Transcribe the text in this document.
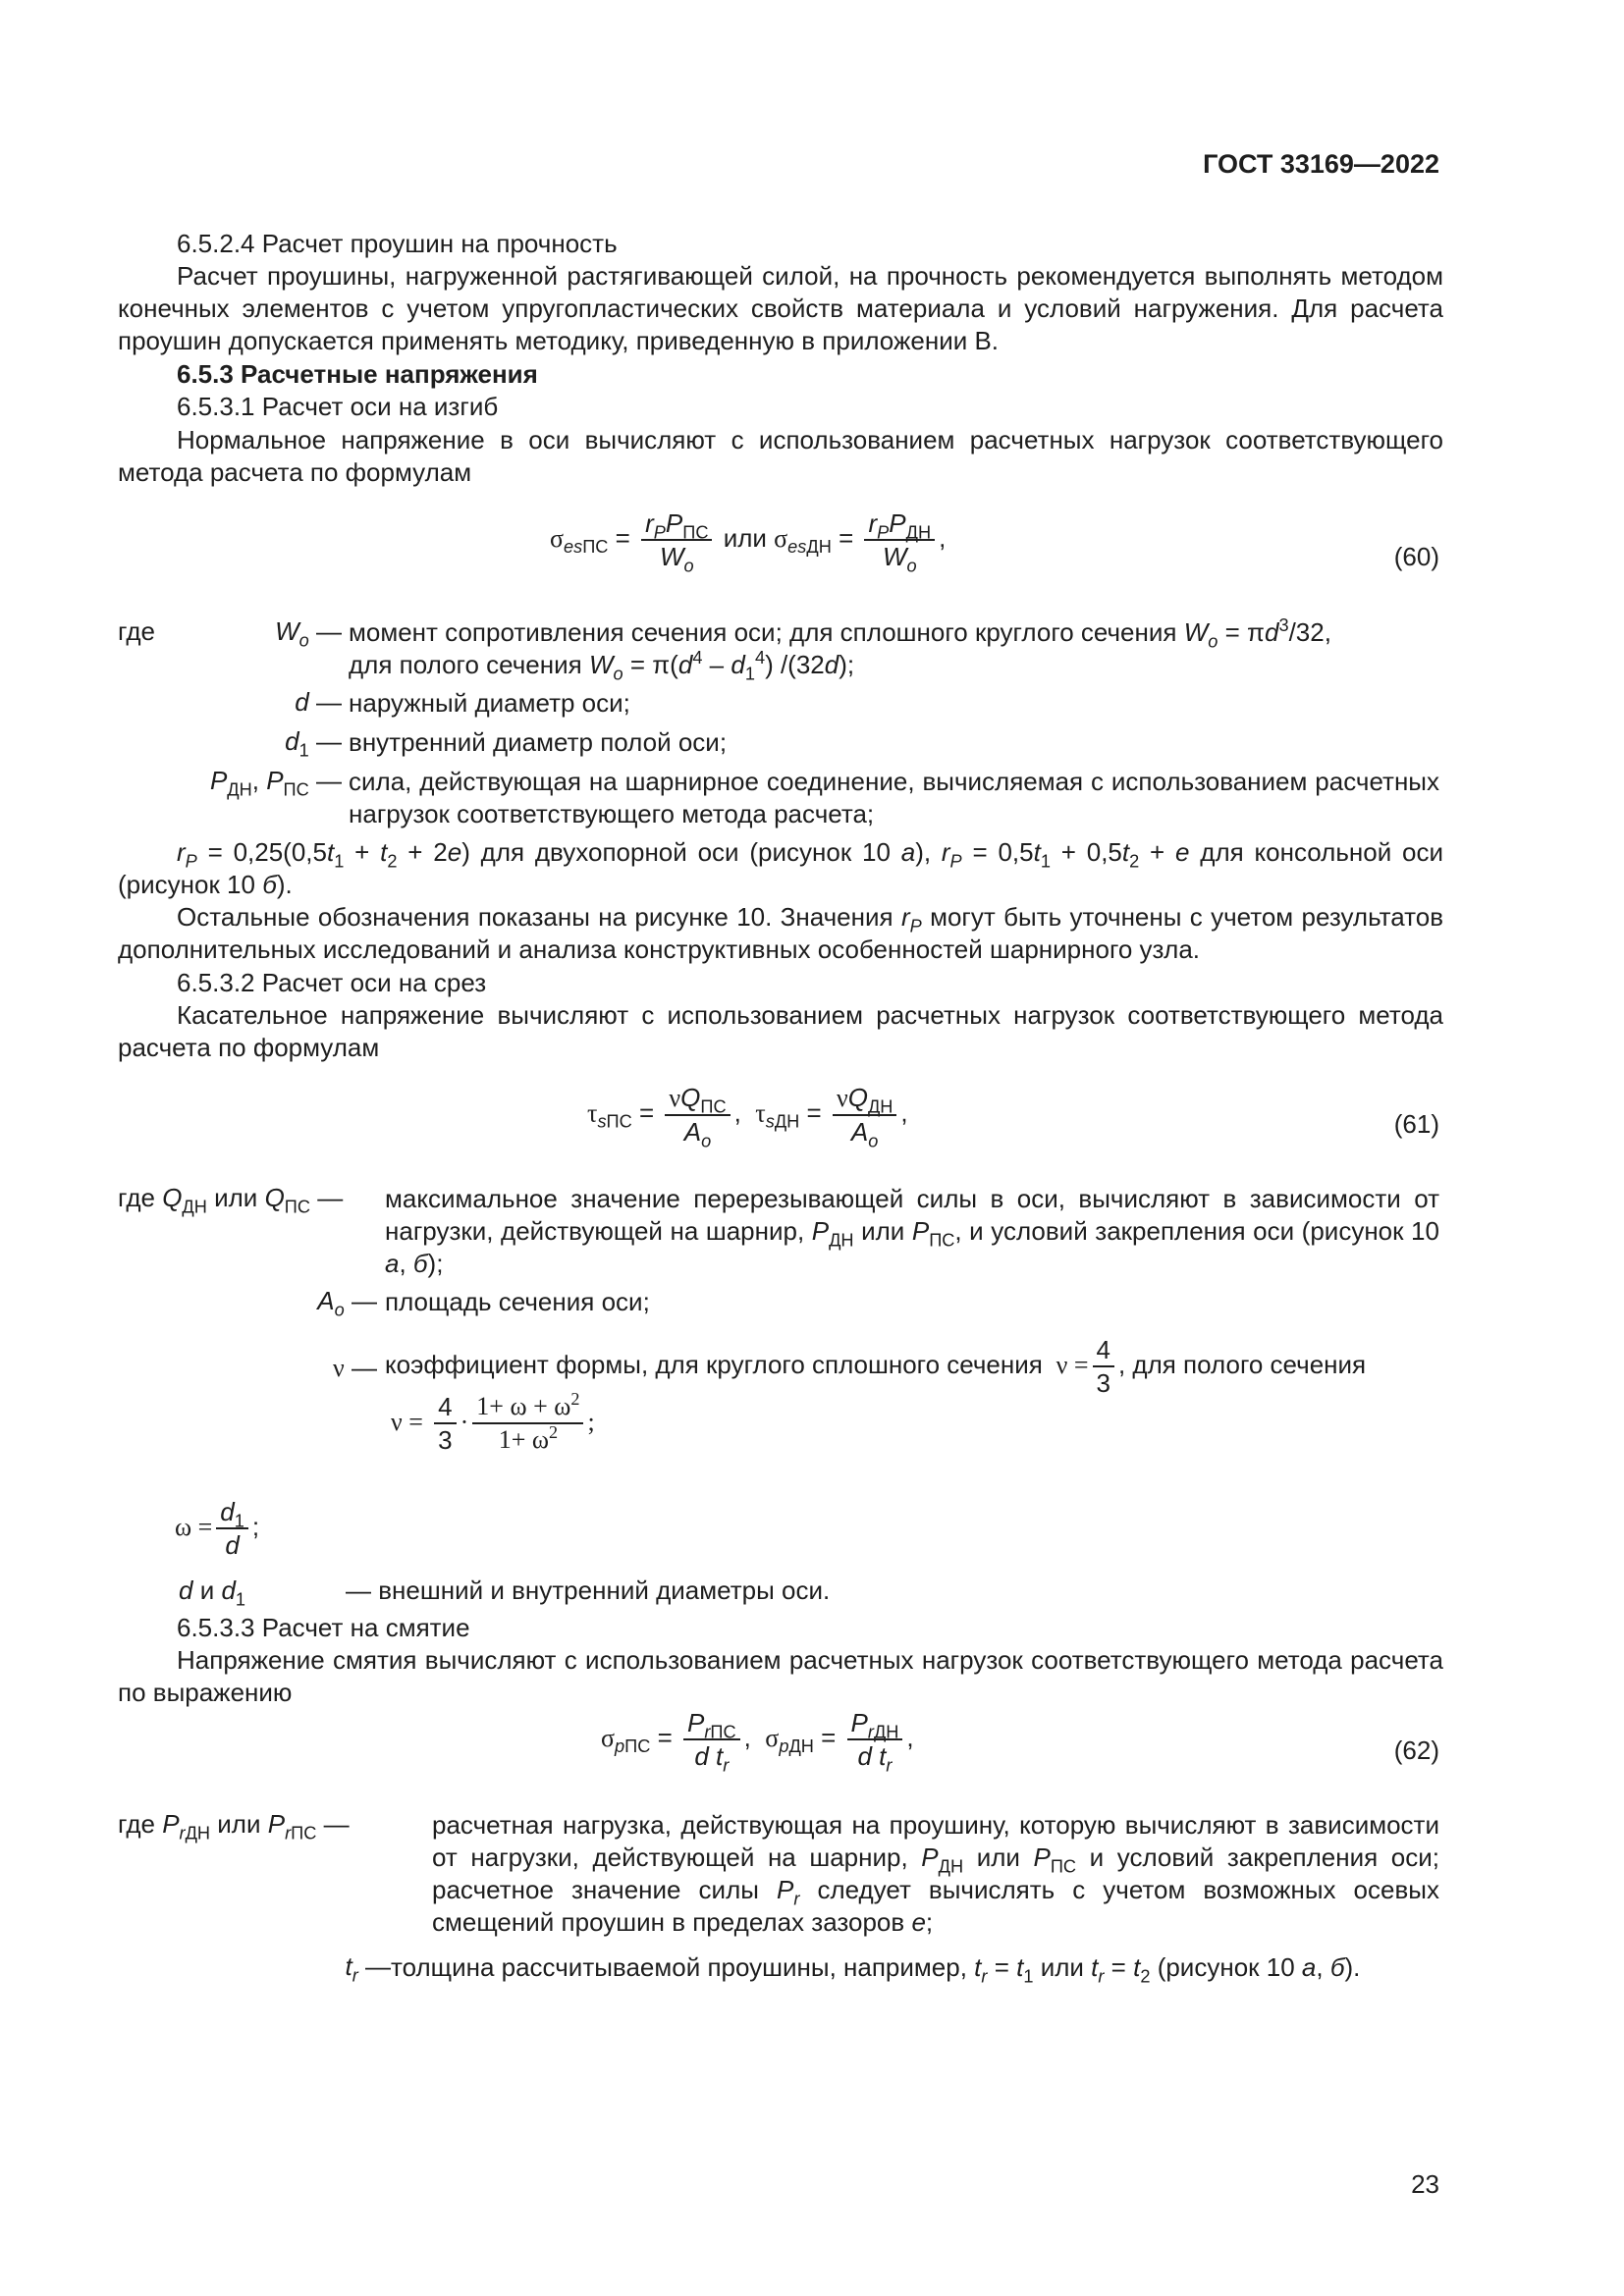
ГОСТ 33169—2022
6.5.2.4 Расчет проушин на прочность
Расчет проушины, нагруженной растягивающей силой, на прочность рекомендуется выполнять методом конечных элементов с учетом упругопластических свойств материала и условий нагружения. Для расчета проушин допускается применять методику, приведенную в приложении В.
6.5.3 Расчетные напряжения
6.5.3.1 Расчет оси на изгиб
Нормальное напряжение в оси вычисляют с использованием расчетных нагрузок соответствующего метода расчета по формулам
$\sigma_{esПС} = \frac{r_PP_{ПС}}{W_o}$ или $\sigma_{esДН} = \frac{r_PP_{ДН}}{W_o}$ ,
(60)
где	$W_o$ — момент сопротивления сечения оси; для сплошного круглого сечения $W_o = \pi d^3/32$,
для полого сечения $W_o = \pi(d^4 - d_1^4)$ /(32d);
d — наружный диаметр оси;
$d_1$ — внутренний диаметр полой оси;
$P_{ДН}$, $P_{ПС}$ — сила, действующая на шарнирное соединение, вычисляемая с использованием расчетных нагрузок соответствующего метода расчета;
$r_P = 0,25(0,5t_1 + t_2 + 2e)$ для двухопорной оси (рисунок 10 а), $r_P = 0,5t_1 + 0,5t_2 + e$ для консольной оси (рисунок 10 б).
Остальные обозначения показаны на рисунке 10. Значения $r_P$ могут быть уточнены с учетом результатов дополнительных исследований и анализа конструктивных особенностей шарнирного узла.
6.5.3.2 Расчет оси на срез
Касательное напряжение вычисляют с использованием расчетных нагрузок соответствующего метода расчета по формулам
$\tau_{sПС} = \frac{\nu Q_{ПС}}{A_o}$ ,  $\tau_{sДН} = \frac{\nu Q_{ДН}}{A_o}$ ,	(61)
где $Q_{ДН}$ или $Q_{ПС}$ — максимальное значение перерезывающей силы в оси, вычисляют в зависимости от нагрузки, действующей на шарнир, $P_{ДН}$ или $P_{ПС}$, и условий закрепления оси (рисунок 10 а, б);
$A_o$ — площадь сечения оси;
ν — коэффициент формы, для круглого сплошного сечения  $\nu = \frac{4}{3}$ , для полого сечения
$\nu = \frac{4}{3} \cdot \frac{1+ \omega + \omega^2}{1+ \omega^2}$ ;
$\omega = \frac{d_1}{d}$ ;
d и $d_1$	— внешний и внутренний диаметры оси.
6.5.3.3 Расчет на смятие
Напряжение смятия вычисляют с использованием расчетных нагрузок соответствующего метода расчета по выражению
$\sigma_{pПС} = \frac{P_{rПС}}{d t_r}$ ,  $\sigma_{pДН} = \frac{P_{rДН}}{d t_r}$ ,	(62)
где $P_{rДН}$ или $P_{rПС}$ —	расчетная нагрузка, действующая на проушину, которую вычисляют в зависимости от нагрузки, действующей на шарнир, $P_{ДН}$ или $P_{ПС}$ и условий закрепления оси; расчетное значение силы $P_r$ следует вычислять с учетом возможных осевых смещений проушин в пределах зазоров e;
$t_r$ — толщина рассчитываемой проушины, например, $t_r = t_1$ или $t_r = t_2$ (рисунок 10 а, б).
23
